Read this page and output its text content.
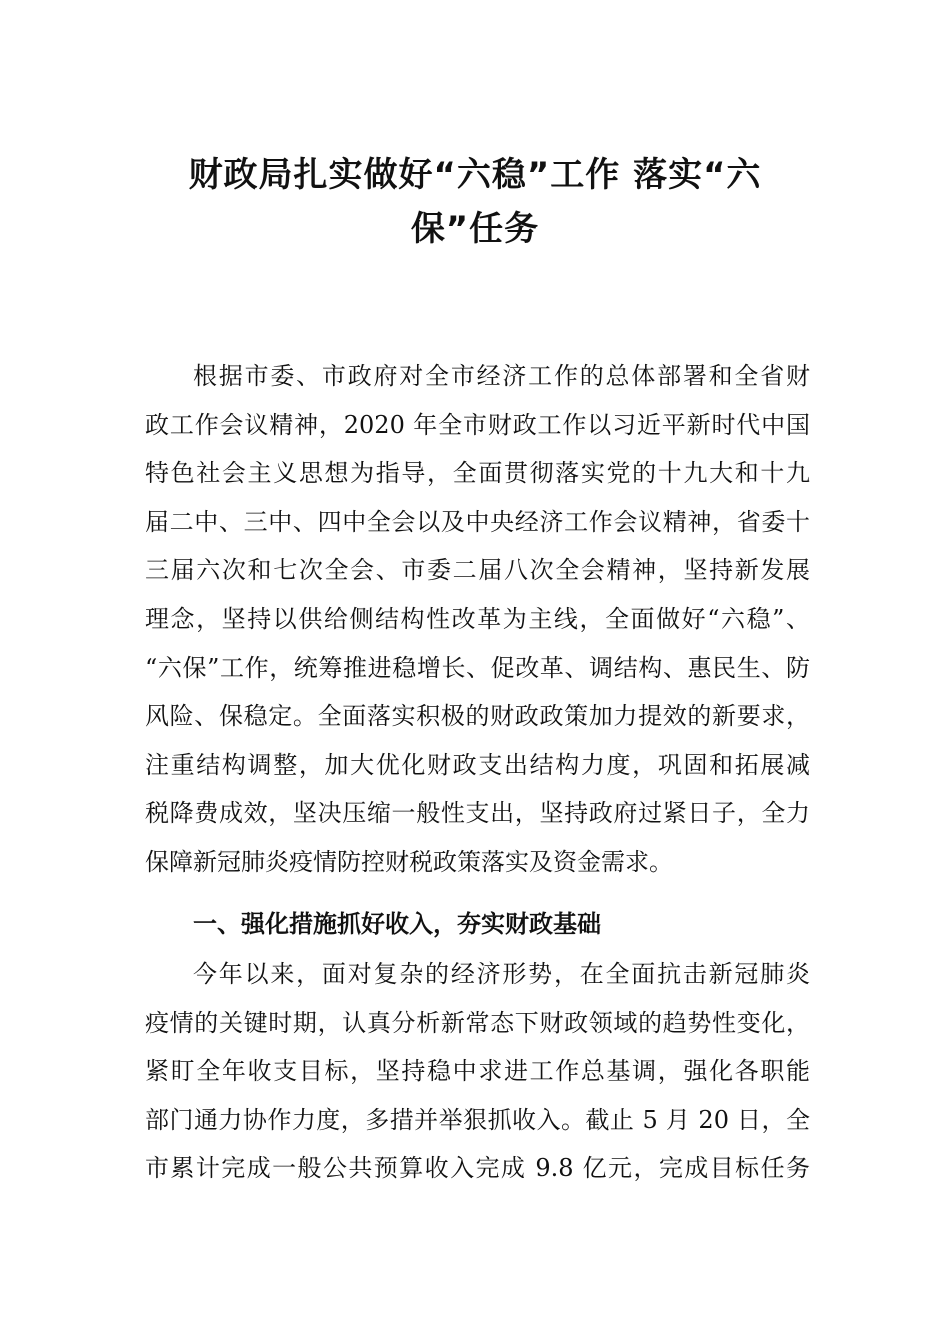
财政局扎实做好“六稳”工作 落实“六
保”任务

根据市委、市政府对全市经济工作的总体部署和全省财
政工作会议精神，2020 年全市财政工作以习近平新时代中国
特色社会主义思想为指导，全面贯彻落实党的十九大和十九
届二中、三中、四中全会以及中央经济工作会议精神，省委十
三届六次和七次全会、市委二届八次全会精神，坚持新发展
理念，坚持以供给侧结构性改革为主线，全面做好“六稳”、
“六保”工作，统筹推进稳增长、促改革、调结构、惠民生、防
风险、保稳定。全面落实积极的财政政策加力提效的新要求，
注重结构调整，加大优化财政支出结构力度，巩固和拓展减
税降费成效，坚决压缩一般性支出，坚持政府过紧日子，全力
保障新冠肺炎疫情防控财税政策落实及资金需求。

一、强化措施抓好收入，夯实财政基础

今年以来，面对复杂的经济形势，在全面抗击新冠肺炎
疫情的关键时期，认真分析新常态下财政领域的趋势性变化，
紧盯全年收支目标，坚持稳中求进工作总基调，强化各职能
部门通力协作力度，多措并举狠抓收入。截止 5 月 20 日，全
市累计完成一般公共预算收入完成 9.8 亿元，完成目标任务
